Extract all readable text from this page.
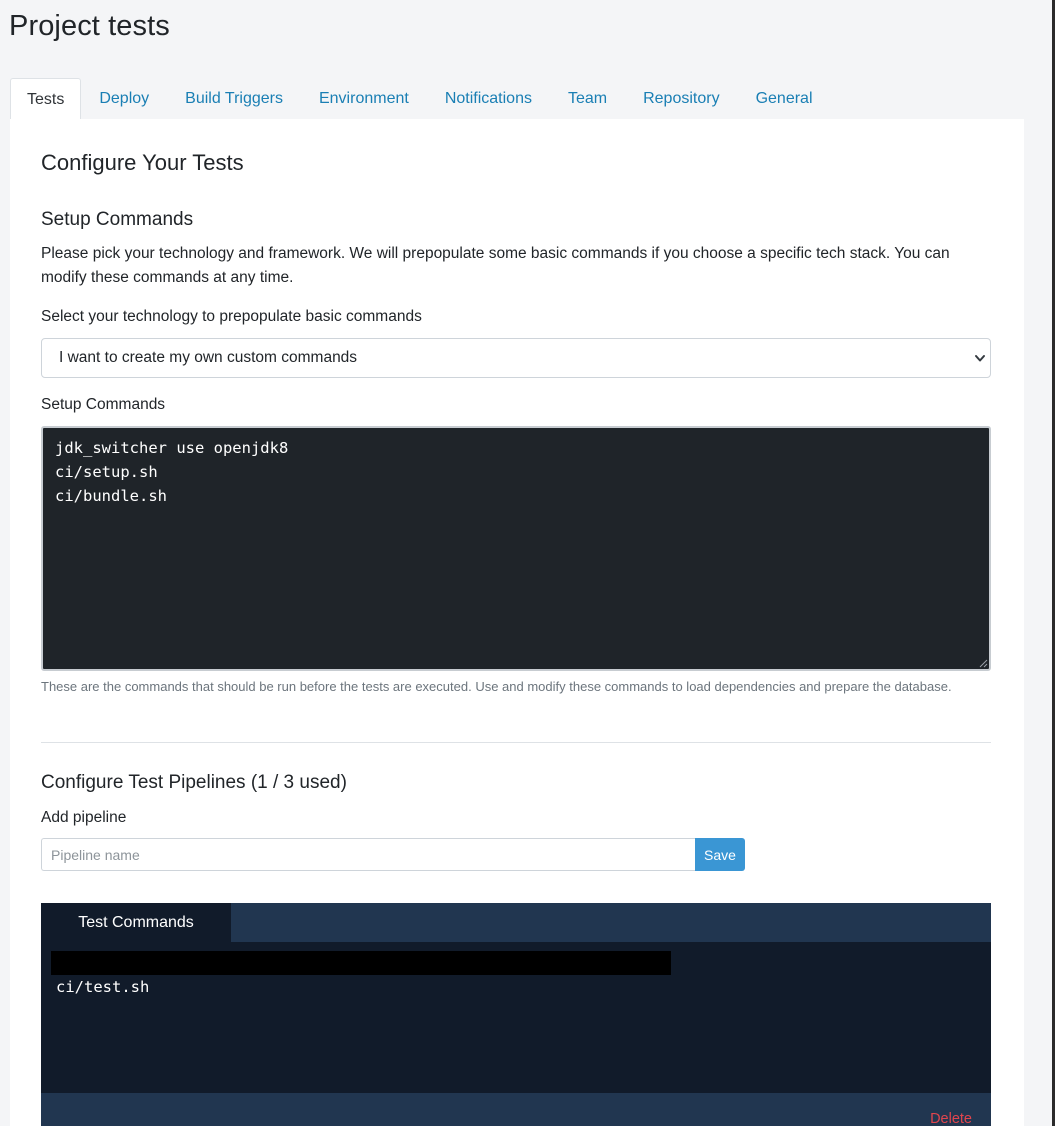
Project tests
Tests	Deploy	Build Triggers	Environment	Notifications	Team	Repository	General
Configure Your Tests
Setup Commands

Please pick your technology and framework. We will prepopulate some basic commands if you choose a specific tech stack. You can modify these commands at any time.

Select your technology to prepopulate basic commands
I want to create my own custom commands
Setup Commands
jdk_switcher use openjdk8
ci/setup.sh
ci/bundle.sh

These are the commands that should be run before the tests are executed. Use and modify these commands to load dependencies and prepare the database.

Configure Test Pipelines (1 / 3 used)
Add pipeline
Pipeline name
Save
Test Commands
ci/test.sh
Delete
